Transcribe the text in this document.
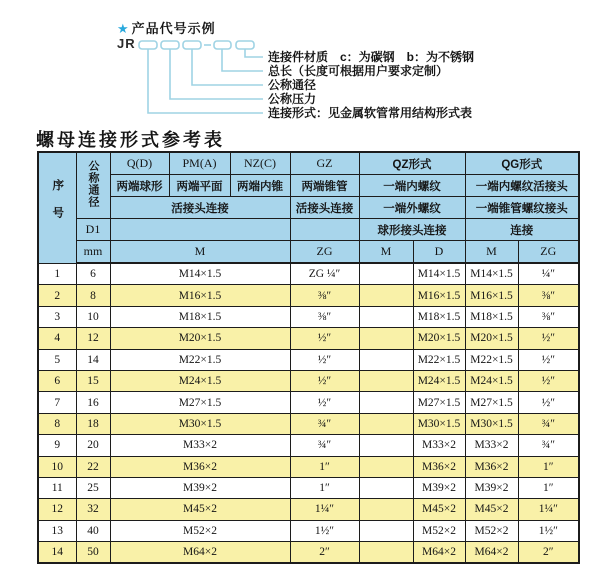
★ 产品代号示例
JR
连接件材质　c：为碳钢　b：为不锈钢
总长（长度可根据用户要求定制）
公称通径
公称压力
连接形式：见金属软管常用结构形式表
螺母连接形式参考表
序号	公称通径	Q(D)	PM(A)	NZ(C)	GZ	QZ形式		QG形式	
		两端球形	两端平面	两端内锥	两端锥管	一端内螺纹		一端内螺纹活接头	
		活接头连接			活接头连接	一端外螺纹		一端锥管螺纹接头	
	D1					球形接头连接		连接	
	mm	M			ZG	M	D	M	ZG
1	6	M14×1.5			ZG ¼″		M14×1.5	M14×1.5	¼″
2	8	M16×1.5			⅜″		M16×1.5	M16×1.5	⅜″
3	10	M18×1.5			⅜″		M18×1.5	M18×1.5	⅜″
4	12	M20×1.5			½″		M20×1.5	M20×1.5	½″
5	14	M22×1.5			½″		M22×1.5	M22×1.5	½″
6	15	M24×1.5			½″		M24×1.5	M24×1.5	½″
7	16	M27×1.5			½″		M27×1.5	M27×1.5	½″
8	18	M30×1.5			¾″		M30×1.5	M30×1.5	¾″
9	20	M33×2			¾″		M33×2	M33×2	¾″
10	22	M36×2			1″		M36×2	M36×2	1″
11	25	M39×2			1″		M39×2	M39×2	1″
12	32	M45×2			1¼″		M45×2	M45×2	1¼″
13	40	M52×2			1½″		M52×2	M52×2	1½″
14	50	M64×2			2″		M64×2	M64×2	2″
